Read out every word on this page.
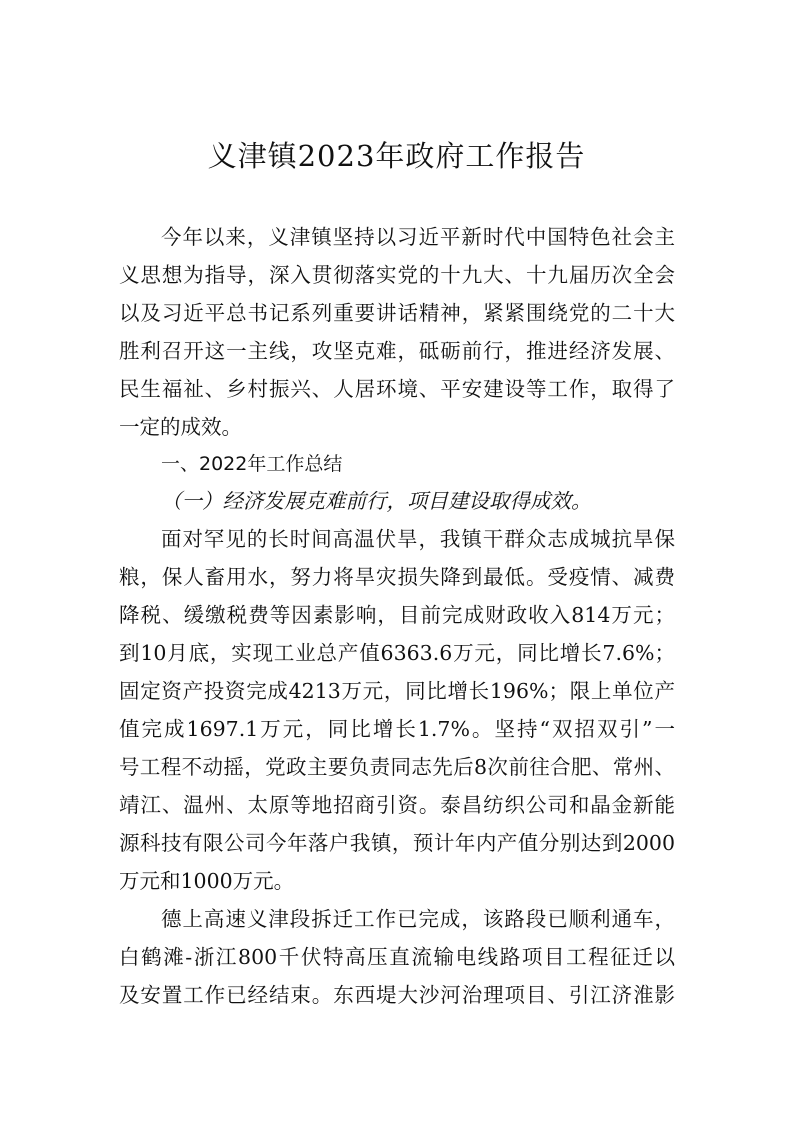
义津镇2023年政府工作报告
今年以来，义津镇坚持以习近平新时代中国特色社会主
义思想为指导，深入贯彻落实党的十九大、十九届历次全会
以及习近平总书记系列重要讲话精神，紧紧围绕党的二十大
胜利召开这一主线，攻坚克难，砥砺前行，推进经济发展、
民生福祉、乡村振兴、人居环境、平安建设等工作，取得了
一定的成效。
一、2022年工作总结
（一）经济发展克难前行，项目建设取得成效。
面对罕见的长时间高温伏旱，我镇干群众志成城抗旱保
粮，保人畜用水，努力将旱灾损失降到最低。受疫情、减费
降税、缓缴税费等因素影响，目前完成财政收入814万元；
到10月底，实现工业总产值6363.6万元，同比增长7.6%；
固定资产投资完成4213万元，同比增长196%；限上单位产
值完成1697.1万元，同比增长1.7%。坚持“双招双引”一
号工程不动摇，党政主要负责同志先后8次前往合肥、常州、
靖江、温州、太原等地招商引资。泰昌纺织公司和晶金新能
源科技有限公司今年落户我镇，预计年内产值分别达到2000
万元和1000万元。
德上高速义津段拆迁工作已完成，该路段已顺利通车，
白鹤滩-浙江800千伏特高压直流输电线路项目工程征迁以
及安置工作已经结束。东西堤大沙河治理项目、引江济淮影
